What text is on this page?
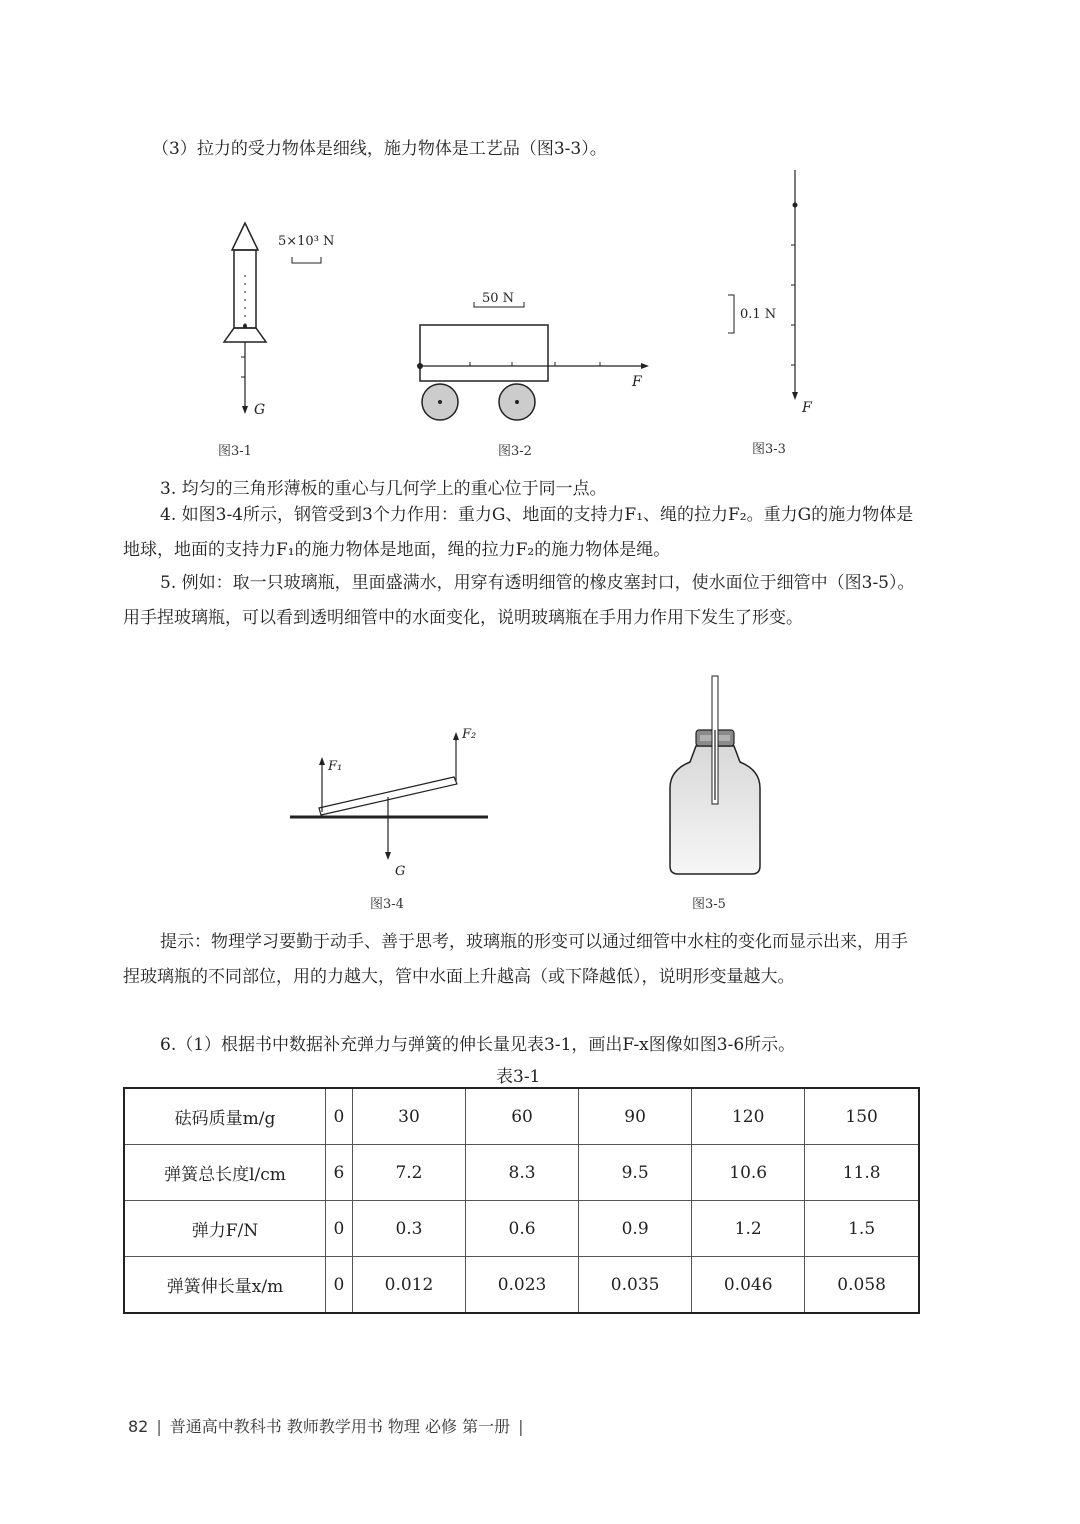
（3）拉力的受力物体是细线，施力物体是工艺品（图3-3）。
G
5×10³ N
图3-1
50 N
F
图3-2
0.1 N
F
图3-3
3. 均匀的三角形薄板的重心与几何学上的重心位于同一点。

4. 如图3-4所示，钢管受到3个力作用：重力G、地面的支持力F₁、绳的拉力F₂。重力G的施力物体是地球，地面的支持力F₁的施力物体是地面，绳的拉力F₂的施力物体是绳。

5. 例如：取一只玻璃瓶，里面盛满水，用穿有透明细管的橡皮塞封口，使水面位于细管中（图3-5）。用手捏玻璃瓶，可以看到透明细管中的水面变化，说明玻璃瓶在手用力作用下发生了形变。

F₁
F₂
G
图3-4	图3-5

提示：物理学习要勤于动手、善于思考，玻璃瓶的形变可以通过细管中水柱的变化而显示出来，用手捏玻璃瓶的不同部位，用的力越大，管中水面上升越高（或下降越低），说明形变量越大。

6.（1）根据书中数据补充弹力与弹簧的伸长量见表3-1，画出F-x图像如图3-6所示。
表3-1
砝码质量m/g	0	30	60	90	120	150
弹簧总长度l/cm	6	7.2	8.3	9.5	10.6	11.8
弹力F/N	0	0.3	0.6	0.9	1.2	1.5
弹簧伸长量x/m	0	0.012	0.023	0.035	0.046	0.058
82 | 普通高中教科书 教师教学用书 物理 必修 第一册 |
